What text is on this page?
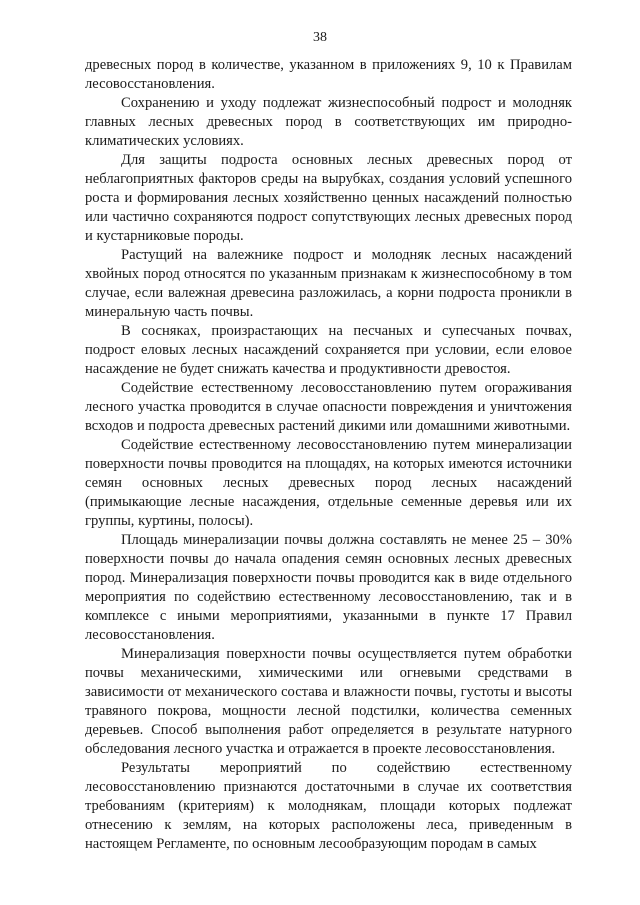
38

древесных пород в количестве, указанном в приложениях 9, 10 к Правилам лесовосстановления.

Сохранению и уходу подлежат жизнеспособный подрост и молодняк главных лесных древесных пород в соответствующих им природно-климатических условиях.

Для защиты подроста основных лесных древесных пород от неблагоприятных факторов среды на вырубках, создания условий успешного роста и формирования лесных хозяйственно ценных насаждений полностью или частично сохраняются подрост сопутствующих лесных древесных пород и кустарниковые породы.

Растущий на валежнике подрост и молодняк лесных насаждений хвойных пород относятся по указанным признакам к жизнеспособному в том случае, если валежная древесина разложилась, а корни подроста проникли в минеральную часть почвы.

В сосняках, произрастающих на песчаных и супесчаных почвах, подрост еловых лесных насаждений сохраняется при условии, если еловое насаждение не будет снижать качества и продуктивности древостоя.

Содействие естественному лесовосстановлению путем огораживания лесного участка проводится в случае опасности повреждения и уничтожения всходов и подроста древесных растений дикими или домашними животными.

Содействие естественному лесовосстановлению путем минерализации поверхности почвы проводится на площадях, на которых имеются источники семян основных лесных древесных пород лесных насаждений (примыкающие лесные насаждения, отдельные семенные деревья или их группы, куртины, полосы).

Площадь минерализации почвы должна составлять не менее 25 – 30% поверхности почвы до начала опадения семян основных лесных древесных пород. Минерализация поверхности почвы проводится как в виде отдельного мероприятия по содействию естественному лесовосстановлению, так и в комплексе с иными мероприятиями, указанными в пункте 17 Правил лесовосстановления.

Минерализация поверхности почвы осуществляется путем обработки почвы механическими, химическими или огневыми средствами в зависимости от механического состава и влажности почвы, густоты и высоты травяного покрова, мощности лесной подстилки, количества семенных деревьев. Способ выполнения работ определяется в результате натурного обследования лесного участка и отражается в проекте лесовосстановления.

Результаты мероприятий по содействию естественному лесовосстановлению признаются достаточными в случае их соответствия требованиям (критериям) к молоднякам, площади которых подлежат отнесению к землям, на которых расположены леса, приведенным в настоящем Регламенте, по основным лесообразующим породам в самых
